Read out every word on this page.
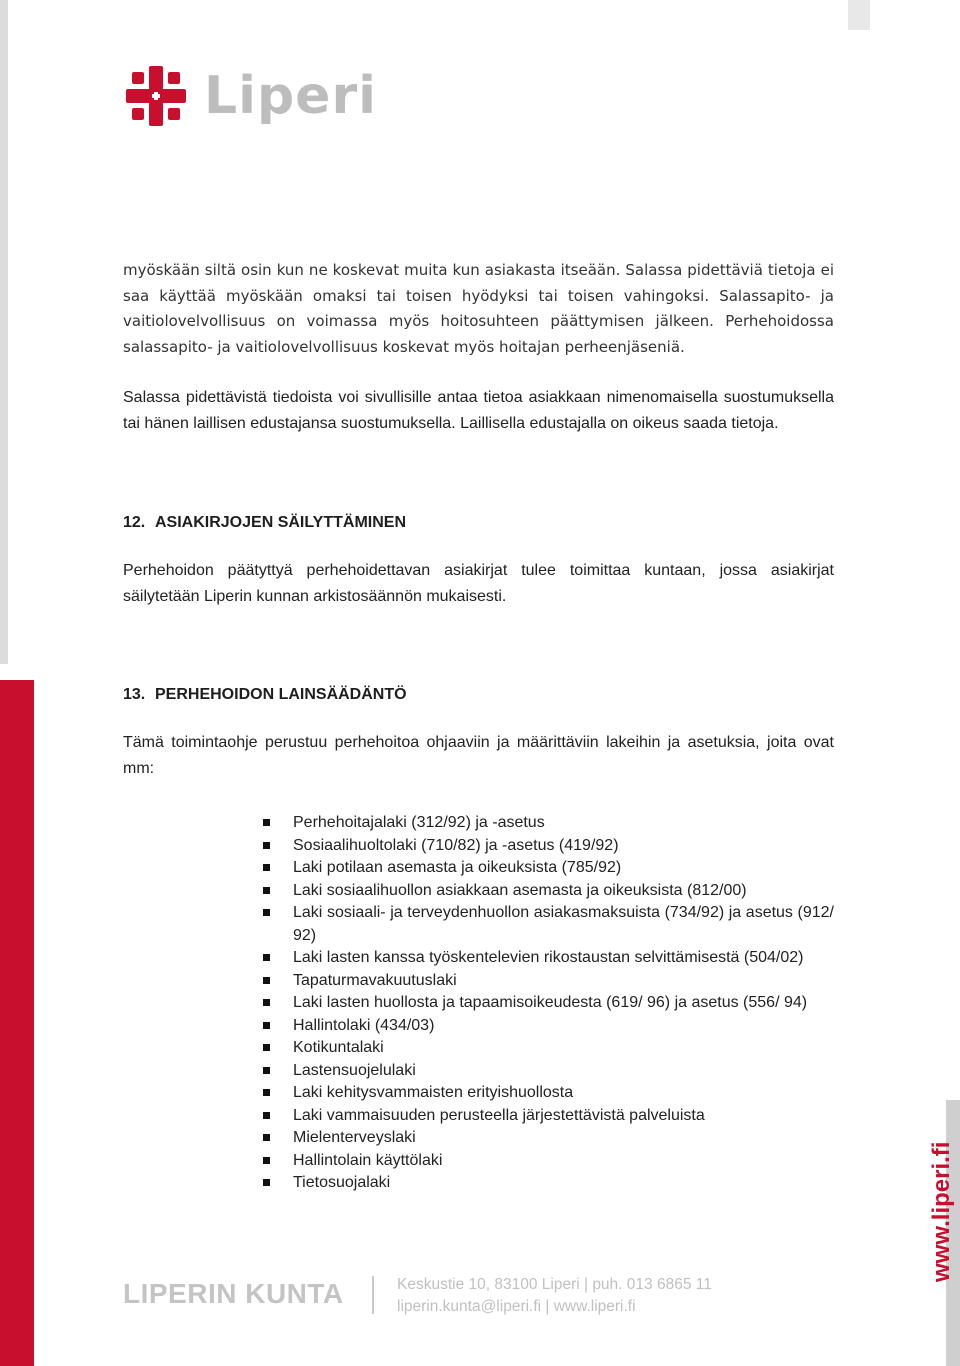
Liperi

myöskään siltä osin kun ne koskevat muita kun asiakasta itseään. Salassa pidettäviä tietoja ei saa käyttää myöskään omaksi tai toisen hyödyksi tai toisen vahingoksi. Salassapito- ja vaitiolovelvollisuus on voimassa myös hoitosuhteen päättymisen jälkeen. Perhehoidossa salassapito- ja vaitiolovelvollisuus koskevat myös hoitajan perheenjäseniä.

Salassa pidettävistä tiedoista voi sivullisille antaa tietoa asiakkaan nimenomaisella suostumuksella tai hänen laillisen edustajansa suostumuksella. Laillisella edustajalla on oikeus saada tietoja.

12. ASIAKIRJOJEN SÄILYTTÄMINEN

Perhehoidon päätyttyä perhehoidettavan asiakirjat tulee toimittaa kuntaan, jossa asiakirjat säilytetään Liperin kunnan arkistosäännön mukaisesti.

13. PERHEHOIDON LAINSÄÄDÄNTÖ

Tämä toimintaohje perustuu perhehoitoa ohjaaviin ja määrittäviin lakeihin ja asetuksia, joita ovat mm:

Perhehoitajalaki (312/92) ja -asetus
Sosiaalihuoltolaki (710/82) ja -asetus (419/92)
Laki potilaan asemasta ja oikeuksista (785/92)
Laki sosiaalihuollon asiakkaan asemasta ja oikeuksista (812/00)
Laki sosiaali- ja terveydenhuollon asiakasmaksuista (734/92) ja asetus (912/ 92)
Laki lasten kanssa työskentelevien rikostaustan selvittämisestä (504/02)
Tapaturmavakuutuslaki
Laki lasten huollosta ja tapaamisoikeudesta (619/ 96) ja asetus (556/ 94)
Hallintolaki (434/03)
Kotikuntalaki
Lastensuojelulaki
Laki kehitysvammaisten erityishuollosta
Laki vammaisuuden perusteella järjestettävistä palveluista
Mielenterveyslaki
Hallintolain käyttölaki
Tietosuojalaki
LIPERIN KUNTA	Keskustie 10, 83100 Liperi | puh. 013 6865 11
liperin.kunta@liperi.fi | www.liperi.fi
www.liperi.fi
